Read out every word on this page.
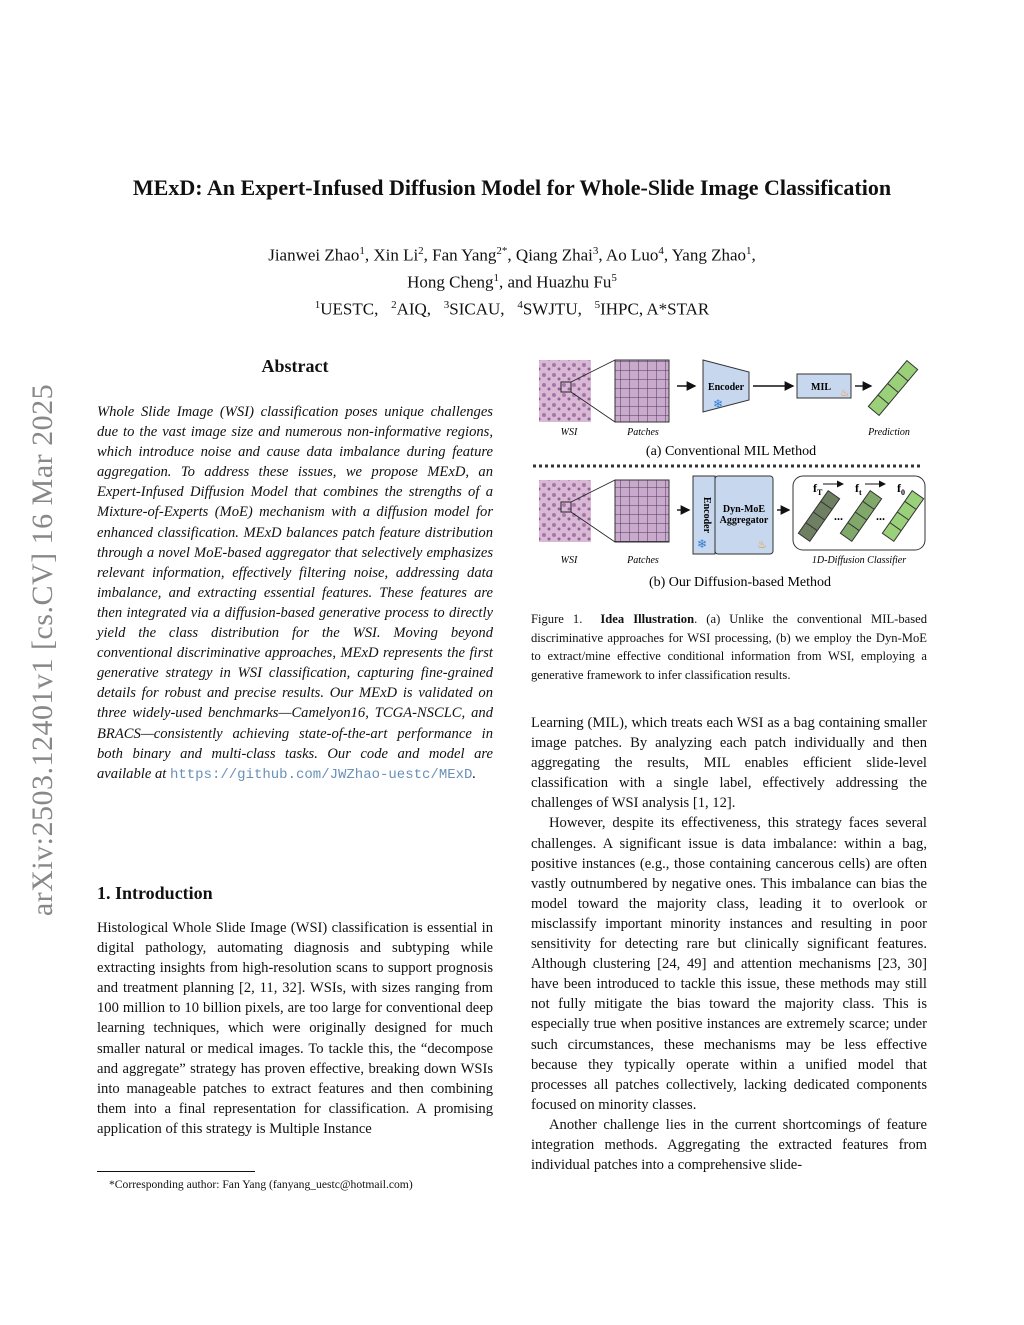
arXiv:2503.12401v1 [cs.CV] 16 Mar 2025
MExD: An Expert-Infused Diffusion Model for Whole-Slide Image Classification
Jianwei Zhao$^1$, Xin Li$^2$, Fan Yang$^{2*}$, Qiang Zhai$^3$, Ao Luo$^4$, Yang Zhao$^1$,
Hong Cheng$^1$, and Huazhu Fu$^5$
$^1$UESTC,   $^2$AIQ,   $^3$SICAU,   $^4$SWJTU,   $^5$IHPC, A*STAR
Abstract
Whole Slide Image (WSI) classification poses unique challenges due to the vast image size and numerous non-informative regions, which introduce noise and cause data imbalance during feature aggregation. To address these issues, we propose MExD, an Expert-Infused Diffusion Model that combines the strengths of a Mixture-of-Experts (MoE) mechanism with a diffusion model for enhanced classification. MExD balances patch feature distribution through a novel MoE-based aggregator that selectively emphasizes relevant information, effectively filtering noise, addressing data imbalance, and extracting essential features. These features are then integrated via a diffusion-based generative process to directly yield the class distribution for the WSI. Moving beyond conventional discriminative approaches, MExD represents the first generative strategy in WSI classification, capturing fine-grained details for robust and precise results. Our MExD is validated on three widely-used benchmarks—Camelyon16, TCGA-NSCLC, and BRACS—consistently achieving state-of-the-art performance in both binary and multi-class tasks. Our code and model are available at https://github.com/JWZhao-uestc/MExD.
1. Introduction
Histological Whole Slide Image (WSI) classification is essential in digital pathology, automating diagnosis and subtyping while extracting insights from high-resolution scans to support prognosis and treatment planning [2, 11, 32]. WSIs, with sizes ranging from 100 million to 10 billion pixels, are too large for conventional deep learning techniques, which were originally designed for much smaller natural or medical images. To tackle this, the “decompose and aggregate” strategy has proven effective, breaking down WSIs into manageable patches to extract features and then combining them into a final representation for classification. A promising application of this strategy is Multiple Instance
*Corresponding author: Fan Yang (fanyang_uestc@hotmail.com)
Encoder
❄
MIL
♨
WSI	Patches	Prediction
(a) Conventional MIL Method
Encoder
❄
Dyn-MoE
Aggregator
♨
...	...
$f_T$	$f_t$	$f_0$
WSI	Patches	1D-Diffusion Classifier
(b) Our Diffusion-based Method
Figure 1. Idea Illustration. (a) Unlike the conventional MIL-based discriminative approaches for WSI processing, (b) we employ the Dyn-MoE to extract/mine effective conditional information from WSI, employing a generative framework to infer classification results.

Learning (MIL), which treats each WSI as a bag containing smaller image patches. By analyzing each patch individually and then aggregating the results, MIL enables efficient slide-level classification with a single label, effectively addressing the challenges of WSI analysis [1, 12].

However, despite its effectiveness, this strategy faces several challenges. A significant issue is data imbalance: within a bag, positive instances (e.g., those containing cancerous cells) are often vastly outnumbered by negative ones. This imbalance can bias the model toward the majority class, leading it to overlook or misclassify important minority instances and resulting in poor sensitivity for detecting rare but clinically significant features. Although clustering [24, 49] and attention mechanisms [23, 30] have been introduced to tackle this issue, these methods may still not fully mitigate the bias toward the majority class. This is especially true when positive instances are extremely scarce; under such circumstances, these mechanisms may be less effective because they typically operate within a unified model that processes all patches collectively, lacking dedicated components focused on minority classes.

Another challenge lies in the current shortcomings of feature integration methods. Aggregating the extracted features from individual patches into a comprehensive slide-
